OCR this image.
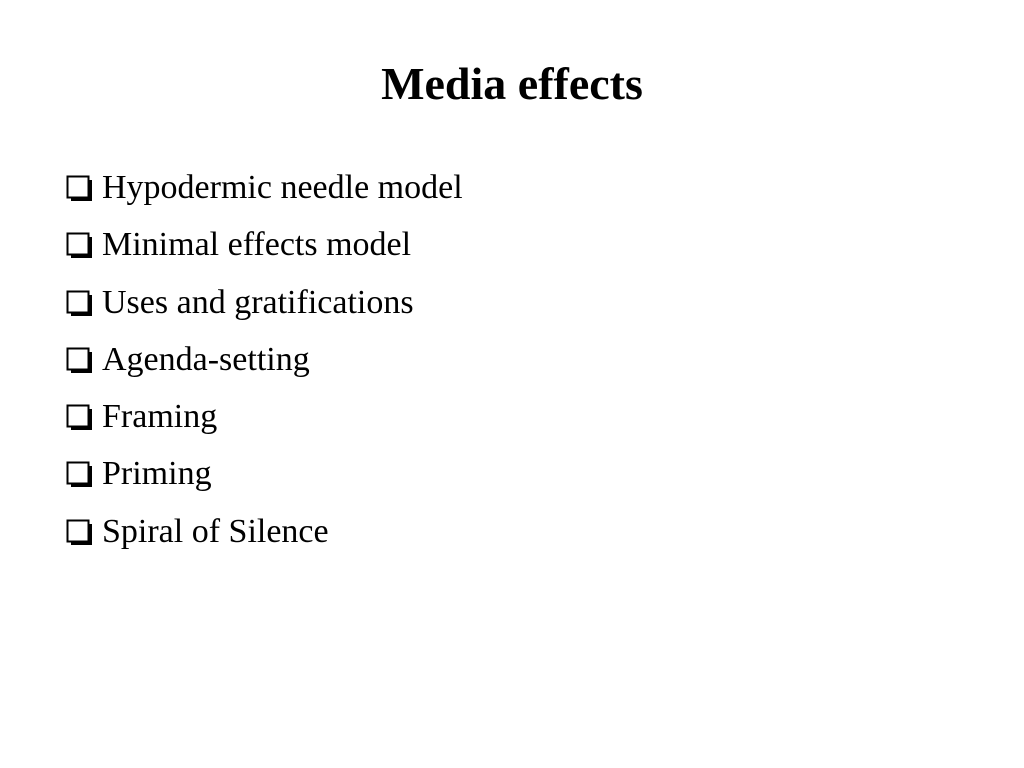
Media effects
Hypodermic needle model
Minimal effects model
Uses and gratifications
Agenda-setting
Framing
Priming
Spiral of Silence
